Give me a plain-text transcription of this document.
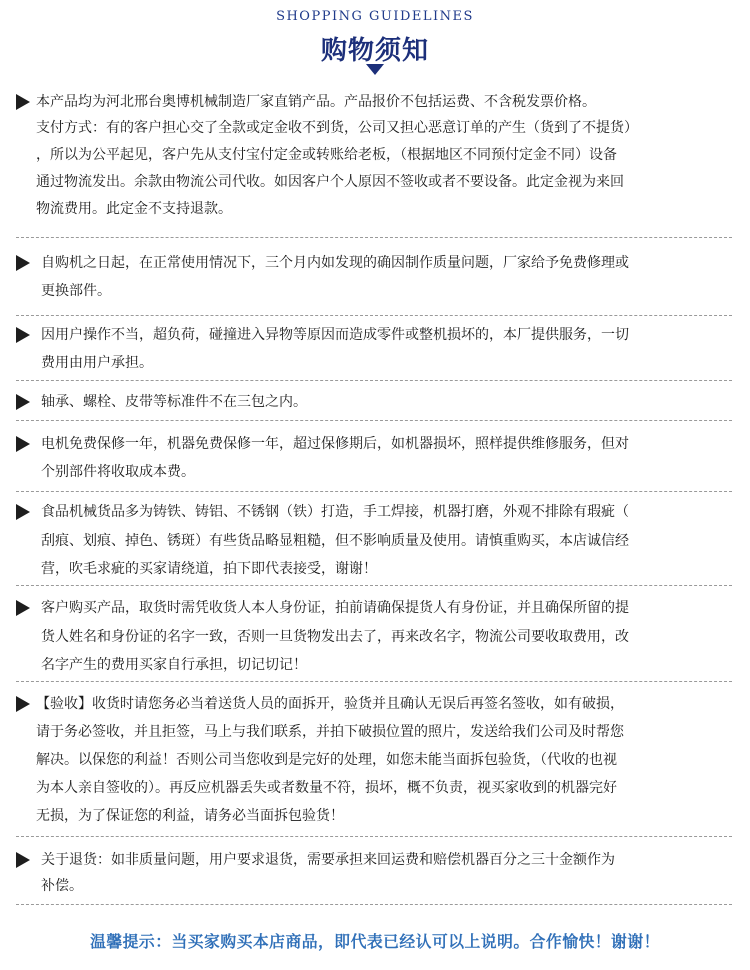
SHOPPING GUIDELINES
购物须知
本产品均为河北邢台奥博机械制造厂家直销产品。产品报价不包括运费、不含税发票价格。
支付方式：有的客户担心交了全款或定金收不到货，公司又担心恶意订单的产生（货到了不提货）
，所以为公平起见，客户先从支付宝付定金或转账给老板，（根据地区不同预付定金不同）设备
通过物流发出。余款由物流公司代收。如因客户个人原因不签收或者不要设备。此定金视为来回
物流费用。此定金不支持退款。
自购机之日起，在正常使用情况下，三个月内如发现的确因制作质量问题，厂家给予免费修理或
更换部件。
因用户操作不当，超负荷，碰撞进入异物等原因而造成零件或整机损坏的，本厂提供服务，一切
费用由用户承担。
轴承、螺栓、皮带等标准件不在三包之内。
电机免费保修一年，机器免费保修一年，超过保修期后，如机器损坏，照样提供维修服务，但对
个别部件将收取成本费。
食品机械货品多为铸铁、铸铝、不锈钢（铁）打造，手工焊接，机器打磨，外观不排除有瑕疵（
刮痕、划痕、掉色、锈斑）有些货品略显粗糙，但不影响质量及使用。请慎重购买，本店诚信经
营，吹毛求疵的买家请绕道，拍下即代表接受，谢谢！
客户购买产品，取货时需凭收货人本人身份证，拍前请确保提货人有身份证，并且确保所留的提
货人姓名和身份证的名字一致，否则一旦货物发出去了，再来改名字，物流公司要收取费用，改
名字产生的费用买家自行承担，切记切记！
【验收】收货时请您务必当着送货人员的面拆开，验货并且确认无误后再签名签收，如有破损，
请于务必签收，并且拒签，马上与我们联系，并拍下破损位置的照片，发送给我们公司及时帮您
解决。以保您的利益！否则公司当您收到是完好的处理，如您未能当面拆包验货，（代收的也视
为本人亲自签收的）。再反应机器丢失或者数量不符，损坏，概不负责，视买家收到的机器完好
无损，为了保证您的利益，请务必当面拆包验货！
关于退货：如非质量问题，用户要求退货，需要承担来回运费和赔偿机器百分之三十金额作为
补偿。
温馨提示：当买家购买本店商品，即代表已经认可以上说明。合作愉快！谢谢！
